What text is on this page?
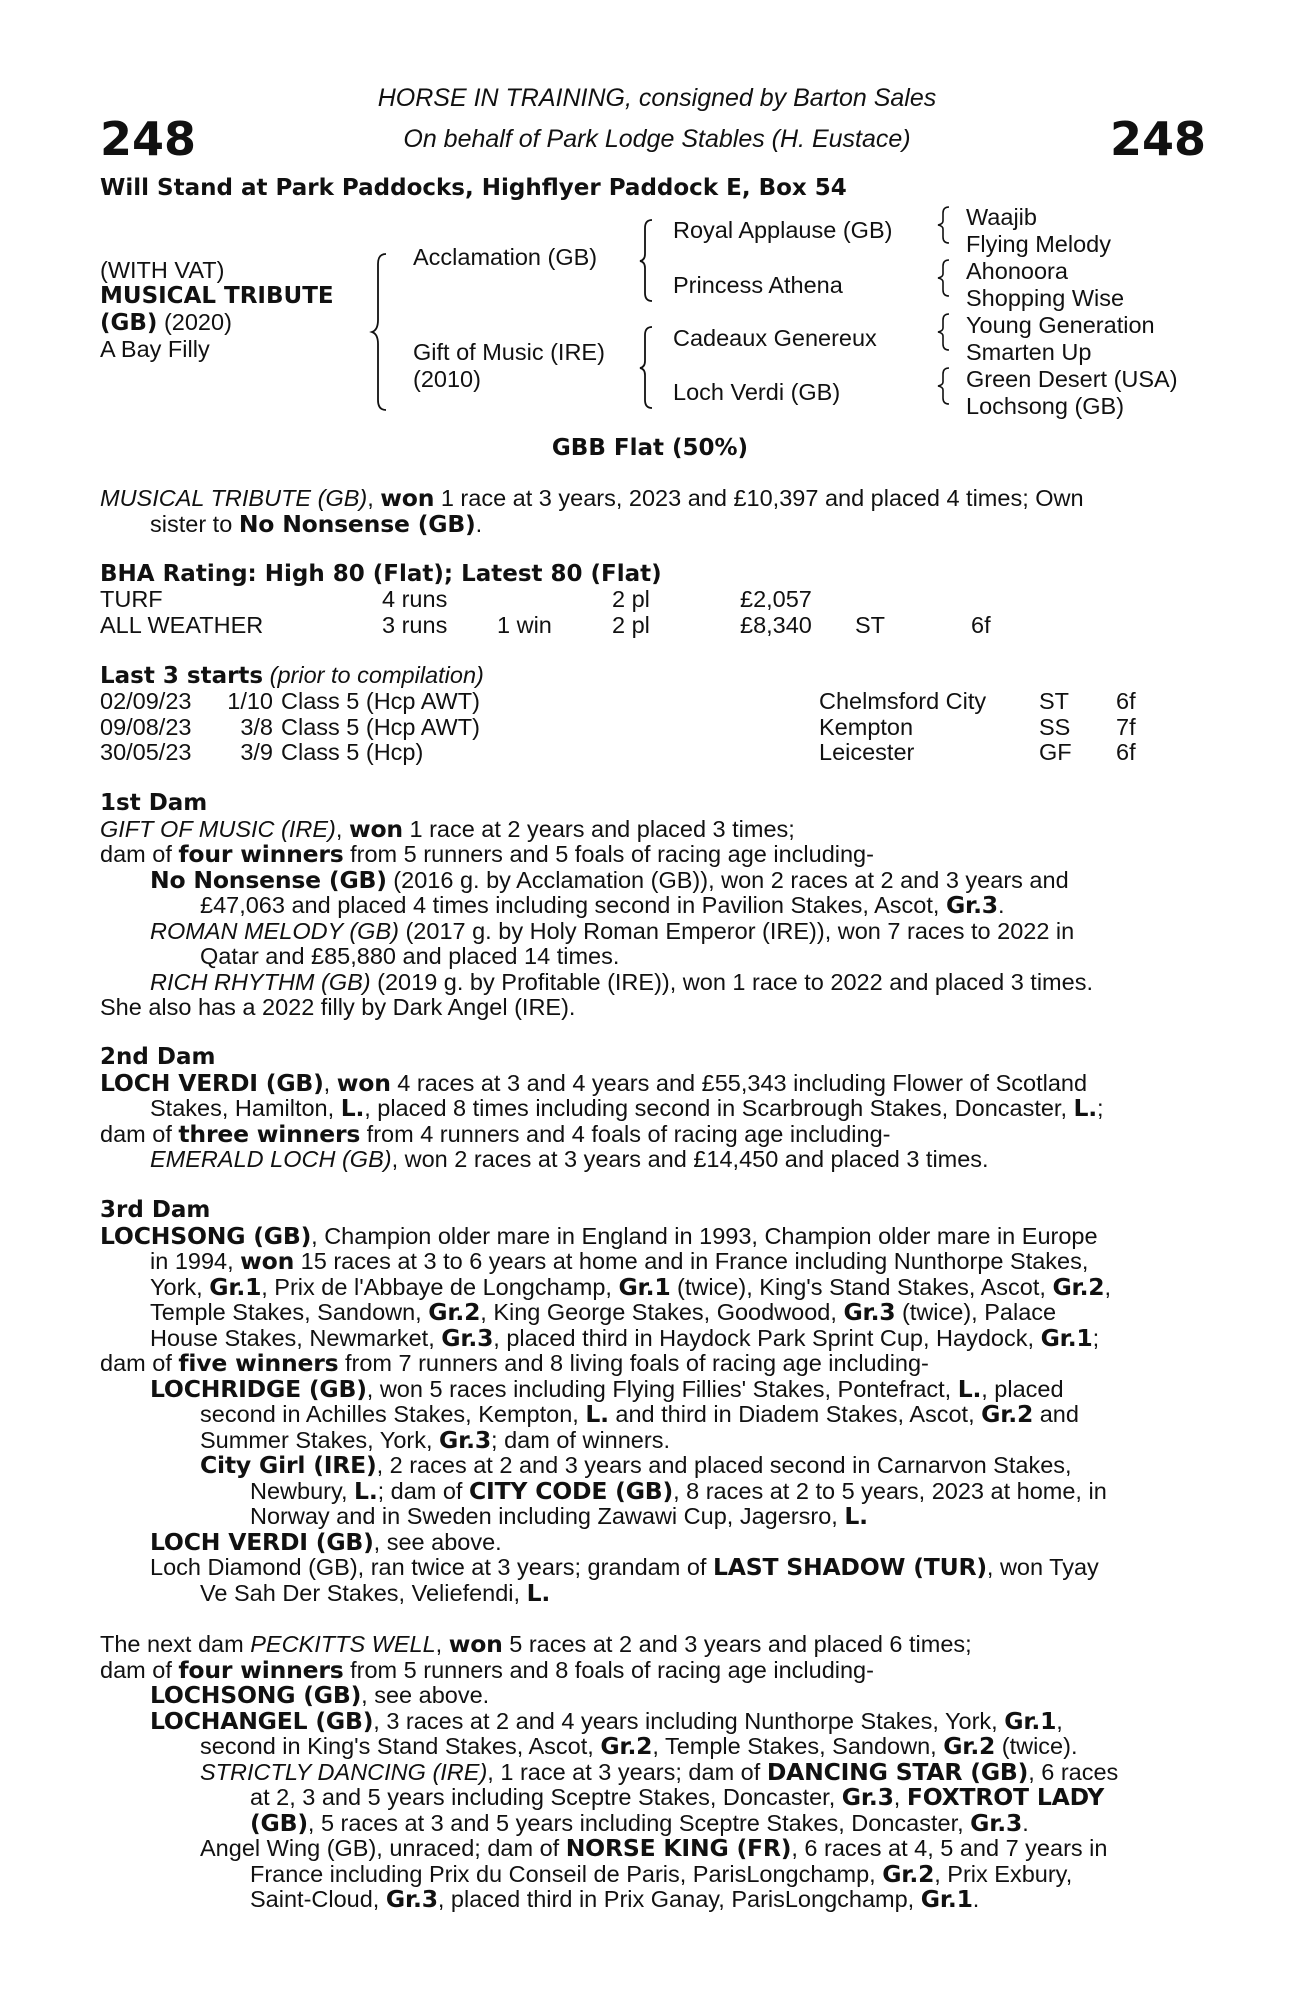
248	248
HORSE IN TRAINING, consigned by Barton Sales
On behalf of Park Lodge Stables (H. Eustace)
Will Stand at Park Paddocks, Highflyer Paddock E, Box 54
(WITH VAT)
MUSICAL TRIBUTE
(GB) (2020)
A Bay Filly
Acclamation (GB)
Gift of Music (IRE)
(2010)
Royal Applause (GB)
Princess Athena
Cadeaux Genereux
Loch Verdi (GB)
Waajib
Flying Melody
Ahonoora
Shopping Wise
Young Generation
Smarten Up
Green Desert (USA)
Lochsong (GB)
GBB Flat (50%)

MUSICAL TRIBUTE (GB), won 1 race at 3 years, 2023 and £10,397 and placed 4 times; Own

sister to No Nonsense (GB).

BHA Rating: High 80 (Flat); Latest 80 (Flat)
TURF	4 runs		2 pl	£2,057		
ALL WEATHER	3 runs	1 win	2 pl	£8,340	ST	6f
Last 3 starts (prior to compilation)
02/09/23	1/10	Class 5 (Hcp AWT)	Chelmsford City	ST	6f
09/08/23	3/8	Class 5 (Hcp AWT)	Kempton	SS	7f
30/05/23	3/9	Class 5 (Hcp)	Leicester	GF	6f

1st Dam

GIFT OF MUSIC (IRE), won 1 race at 2 years and placed 3 times;

dam of four winners from 5 runners and 5 foals of racing age including-

No Nonsense (GB) (2016 g. by Acclamation (GB)), won 2 races at 2 and 3 years and

£47,063 and placed 4 times including second in Pavilion Stakes, Ascot, Gr.3.

ROMAN MELODY (GB) (2017 g. by Holy Roman Emperor (IRE)), won 7 races to 2022 in

Qatar and £85,880 and placed 14 times.

RICH RHYTHM (GB) (2019 g. by Profitable (IRE)), won 1 race to 2022 and placed 3 times.

She also has a 2022 filly by Dark Angel (IRE).

2nd Dam

LOCH VERDI (GB), won 4 races at 3 and 4 years and £55,343 including Flower of Scotland

Stakes, Hamilton, L., placed 8 times including second in Scarbrough Stakes, Doncaster, L.;

dam of three winners from 4 runners and 4 foals of racing age including-

EMERALD LOCH (GB), won 2 races at 3 years and £14,450 and placed 3 times.

3rd Dam

LOCHSONG (GB), Champion older mare in England in 1993, Champion older mare in Europe

in 1994, won 15 races at 3 to 6 years at home and in France including Nunthorpe Stakes,

York, Gr.1, Prix de l'Abbaye de Longchamp, Gr.1 (twice), King's Stand Stakes, Ascot, Gr.2,

Temple Stakes, Sandown, Gr.2, King George Stakes, Goodwood, Gr.3 (twice), Palace

House Stakes, Newmarket, Gr.3, placed third in Haydock Park Sprint Cup, Haydock, Gr.1;

dam of five winners from 7 runners and 8 living foals of racing age including-

LOCHRIDGE (GB), won 5 races including Flying Fillies' Stakes, Pontefract, L., placed

second in Achilles Stakes, Kempton, L. and third in Diadem Stakes, Ascot, Gr.2 and

Summer Stakes, York, Gr.3; dam of winners.

City Girl (IRE), 2 races at 2 and 3 years and placed second in Carnarvon Stakes,

Newbury, L.; dam of CITY CODE (GB), 8 races at 2 to 5 years, 2023 at home, in

Norway and in Sweden including Zawawi Cup, Jagersro, L.

LOCH VERDI (GB), see above.

Loch Diamond (GB), ran twice at 3 years; grandam of LAST SHADOW (TUR), won Tyay

Ve Sah Der Stakes, Veliefendi, L.

The next dam PECKITTS WELL, won 5 races at 2 and 3 years and placed 6 times;

dam of four winners from 5 runners and 8 foals of racing age including-

LOCHSONG (GB), see above.

LOCHANGEL (GB), 3 races at 2 and 4 years including Nunthorpe Stakes, York, Gr.1,

second in King's Stand Stakes, Ascot, Gr.2, Temple Stakes, Sandown, Gr.2 (twice).

STRICTLY DANCING (IRE), 1 race at 3 years; dam of DANCING STAR (GB), 6 races

at 2, 3 and 5 years including Sceptre Stakes, Doncaster, Gr.3, FOXTROT LADY

(GB), 5 races at 3 and 5 years including Sceptre Stakes, Doncaster, Gr.3.

Angel Wing (GB), unraced; dam of NORSE KING (FR), 6 races at 4, 5 and 7 years in

France including Prix du Conseil de Paris, ParisLongchamp, Gr.2, Prix Exbury,

Saint-Cloud, Gr.3, placed third in Prix Ganay, ParisLongchamp, Gr.1.
